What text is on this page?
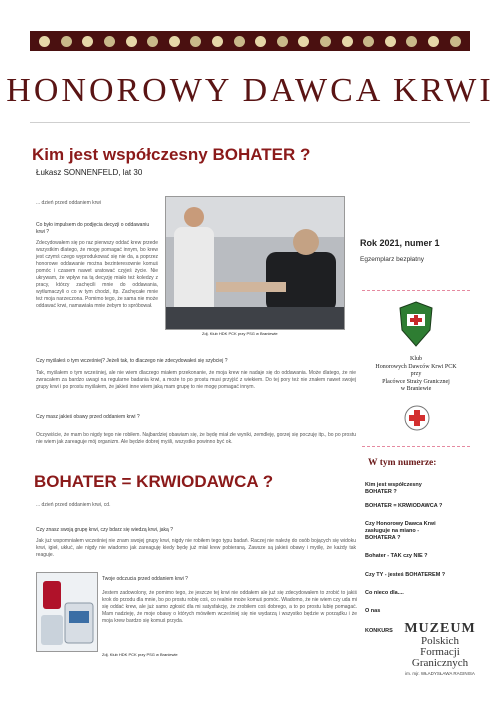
HONOROWY DAWCA KRWI
Kim jest współczesny BOHATER ?
Łukasz SONNENFELD, lat 30
... dzień przed oddaniem krwi
Co było impulsem do podjęcia decyzji o oddawaniu krwi ?
Zdecydowałem się po raz pierwszy oddać krew przede wszystkim dlatego, że mogę pomagać innym, bo krew jest czymś czego wyprodukować się nie da, a poprzez honorowe oddawanie można bezinteresownie komuś pomóc i czasem nawet uratować czyjeś życie. Nie ukrywam, że wpływ na tą decyzję miało też koledzy z pracy, którzy zachęcili mnie do oddawania, wytłumaczyli o co w tym chodzi, itp. Zachęcałe mnie też moja narzeczona. Pomimo tego, że sama nie może oddawać krwi, namawiała mnie żebym to spróbował.
Zdj. Klub HDK PCK przy PSG w Braniewie
Czy myślałeś o tym wcześniej? Jeżeli tak, to dlaczego nie zdecydowałeś się szybciej ?
Tak, myślałem o tym wcześniej, ale nie wiem dlaczego miałem przekonanie, że moja krew nie nadaje się do oddawania. Może dlatego, że nie zwracałem za bardzo uwagi na regularne badania krwi, a może to po prostu musi przyjść z wiekiem. Do tej pory też nie znałem nawet swojej grupy krwi i po prostu myślałem, że jakieś inne wiem jaką mam grupę to nie mogę pomagać innym.
Czy masz jakieś obawy przed oddaniem krwi ?
Oczywiście, że mam bo nigdy tego nie robiłem. Najbardziej obawiam się, że będę miał złe wyniki, zemdleję, gorzej się poczuję itp., bo po prostu nie wiem jak zareaguje mój organizm. Ale będzie dobrej myśli, wszystko powinno być ok.
BOHATER = KRWIODAWCA ?
... dzień przed oddaniem krwi, cd.
Czy znasz swoją grupę krwi, czy bdarz się wiedzą krwi, jaką ?
Jak już wspomniałem wcześniej nie znam swojej grupy krwi, nigdy nie robiłem tego typu badań. Raczej nie należę do osób bojących się widoku krwi, igieł, ukłuć, ale nigdy nie wiadomo jak zareaguję kiedy będę już miał krew pobieraną. Zawsze są jakieś obawy i myślę, że każdy tak reaguje.
Twoje odczucia przed oddaniem krwi ?
Jestem zadowolony, że pomimo tego, że jeszcze tej krwi nie oddałem ale już się zdecydowałem to zrobić to jakiś krok do przodu dla mnie, bo po prostu robię coś, co realnie może komuś pomóc. Wiadomo, że nie wiem czy uda mi się oddać krew, ale już samo zgłosić dla mi satysfakcję, że zrobiłem coś dobrego, a to po prostu lubię pomagać. Mam nadzieję, że moje obawy o których mówiłem wcześniej się nie wydarzą i wszystko będzie w porządku i że moja krew bardzo się komuś przyda.
Zdj. Klub HDK PCK przy PSG w Braniewie
Rok 2021, numer 1
Egzemplarz bezpłatny
Klub
Honorowych Dawców Krwi PCK
przy
Placówce Straży Granicznej
w Braniewie
W tym numerze:
Kim jest współczesny BOHATER ?
BOHATER = KRWIODAWCA ?
Czy Honorowy Dawca Krwi zasługuje na miano - BOHATERA ?
Bohater - TAK czy NIE ?
Czy TY - jesteś BOHATEREM ?
Co nieco dla....
O nas
KONKURS MUZEUM
Polskich
Formacji
Granicznych
im. mjr. WŁADYSŁAWA RAGINISA
